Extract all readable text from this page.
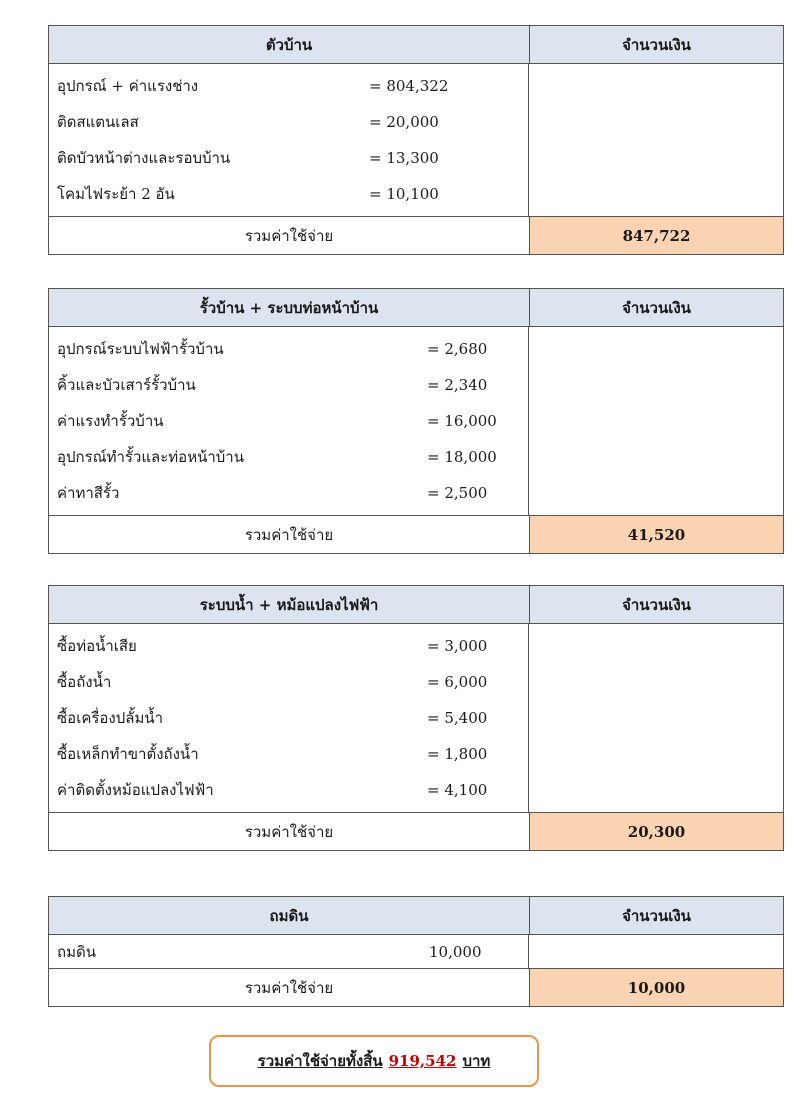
ตัวบ้าน	จำนวนเงิน
อุปกรณ์ + ค่าแรงช่าง	= 804,322
ติดสแตนเลส	= 20,000
ติดบัวหน้าต่างและรอบบ้าน	= 13,300
โคมไฟระย้า 2 อัน	= 10,100
รวมค่าใช้จ่าย	847,722
รั้วบ้าน + ระบบท่อหน้าบ้าน	จำนวนเงิน
อุปกรณ์ระบบไฟฟ้ารั้วบ้าน	= 2,680
คิ้วและบัวเสาร์รั้วบ้าน	= 2,340
ค่าแรงทำรั้วบ้าน	= 16,000
อุปกรณ์ทำรั้วและท่อหน้าบ้าน	= 18,000
ค่าทาสีรั้ว	= 2,500
รวมค่าใช้จ่าย	41,520
ระบบน้ำ + หม้อแปลงไฟฟ้า	จำนวนเงิน
ซื้อท่อน้ำเสีย	= 3,000
ซื้อถังน้ำ	= 6,000
ซื้อเครื่องปลั้มน้ำ	= 5,400
ซื้อเหล็กทำขาตั้งถังน้ำ	= 1,800
ค่าติดตั้งหม้อแปลงไฟฟ้า	= 4,100
รวมค่าใช้จ่าย	20,300
ถมดิน	จำนวนเงิน
ถมดิน	10,000
รวมค่าใช้จ่าย	10,000
รวมค่าใช้จ่ายทั้งสิ้น 919,542 บาท
